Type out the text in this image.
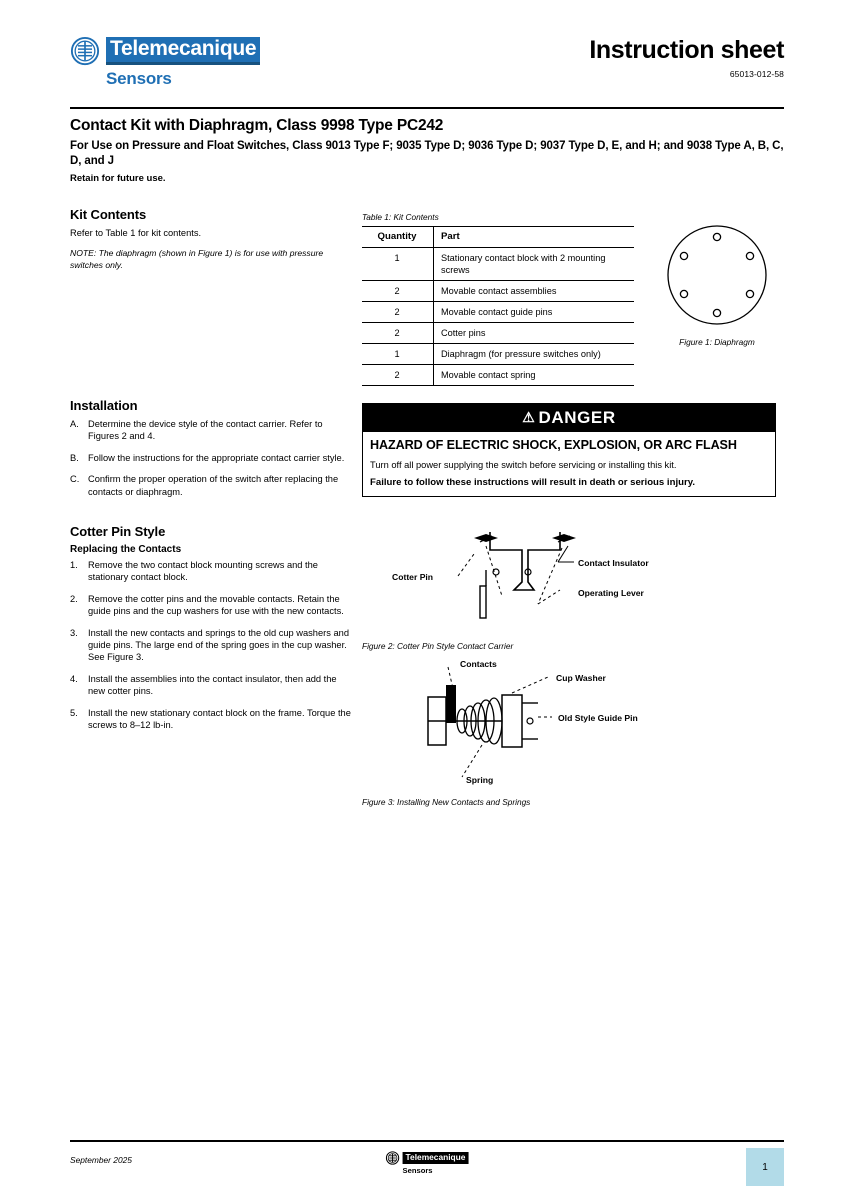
Telemecanique
Sensors
Instruction sheet
65013-012-58
Contact Kit with Diaphragm, Class 9998 Type PC242
For Use on Pressure and Float Switches, Class 9013 Type F; 9035 Type D; 9036 Type D; 9037 Type D, E, and H; and 9038 Type A, B, C, D, and J
Retain for future use.
Kit Contents
Refer to Table 1 for kit contents.
NOTE: The diaphragm (shown in Figure 1) is for use with pressure switches only.
Table 1: Kit Contents
Quantity	Part
1	Stationary contact block with 2 mounting screws
2	Movable contact assemblies
2	Movable contact guide pins
2	Cotter pins
1	Diaphragm (for pressure switches only)
2	Movable contact spring
Figure 1: Diaphragm
Installation
A. Determine the device style of the contact carrier. Refer to Figures 2 and 4.
B. Follow the instructions for the appropriate contact carrier style.
C. Confirm the proper operation of the switch after replacing the contacts or diaphragm.
⚠ DANGER
HAZARD OF ELECTRIC SHOCK, EXPLOSION, OR ARC FLASH
Turn off all power supplying the switch before servicing or installing this kit.
Failure to follow these instructions will result in death or serious injury.
Cotter Pin Style
Replacing the Contacts
1.	Remove the two contact block mounting screws and the stationary contact block.
2.	Remove the cotter pins and the movable contacts. Retain the guide pins and the cup washers for use with the new contacts.
3.	Install the new contacts and springs to the old cup washers and guide pins. The large end of the spring goes in the cup washer. See Figure 3.
4.	Install the assemblies into the contact insulator, then add the new cotter pins.
5.	Install the new stationary contact block on the frame. Torque the screws to 8–12 lb-in.
Cotter Pin
Contact Insulator
Operating Lever
Figure 2: Cotter Pin Style Contact Carrier
Contacts
Cup Washer
Old Style Guide Pin
Spring
Figure 3: Installing New Contacts and Springs
September 2025	Telemecanique
Sensors	1
